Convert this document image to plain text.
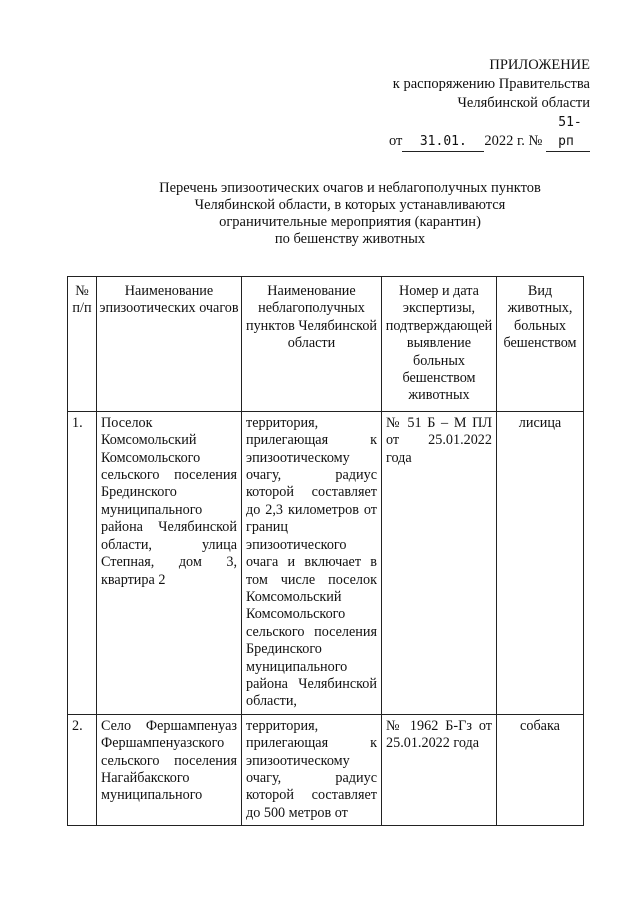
ПРИЛОЖЕНИЕ
к распоряжению Правительства
Челябинской области
от 31.01. 2022 г. № 51-рп
Перечень эпизоотических очагов и неблагополучных пунктов
Челябинской области, в которых устанавливаются
ограничительные мероприятия (карантин)
по бешенству животных
№ п/п	Наименование эпизоотических очагов	Наименование неблагополучных пунктов Челябинской области	Номер и дата экспертизы, подтверждающей выявление больных бешенством животных	Вид животных, больных бешенством
1.	Поселок Комсомольский Комсомольского сельского поселения Брединского муниципального района Челябинской области, улица Степная, дом 3, квартира 2	территория, прилегающая к эпизоотическому очагу, радиус которой составляет до 2,3 километров от границ эпизоотического очага и включает в том числе поселок Комсомольский Комсомольского сельского поселения Брединского муниципального района Челябинской области,	№ 51 Б – М ПЛ от 25.01.2022 года	лисица
2.	Село Фершампенуаз Фершампенуазского сельского поселения Нагайбакского муниципального	территория, прилегающая к эпизоотическому очагу, радиус которой составляет до 500 метров от	№ 1962 Б-Гз от 25.01.2022 года	собака
